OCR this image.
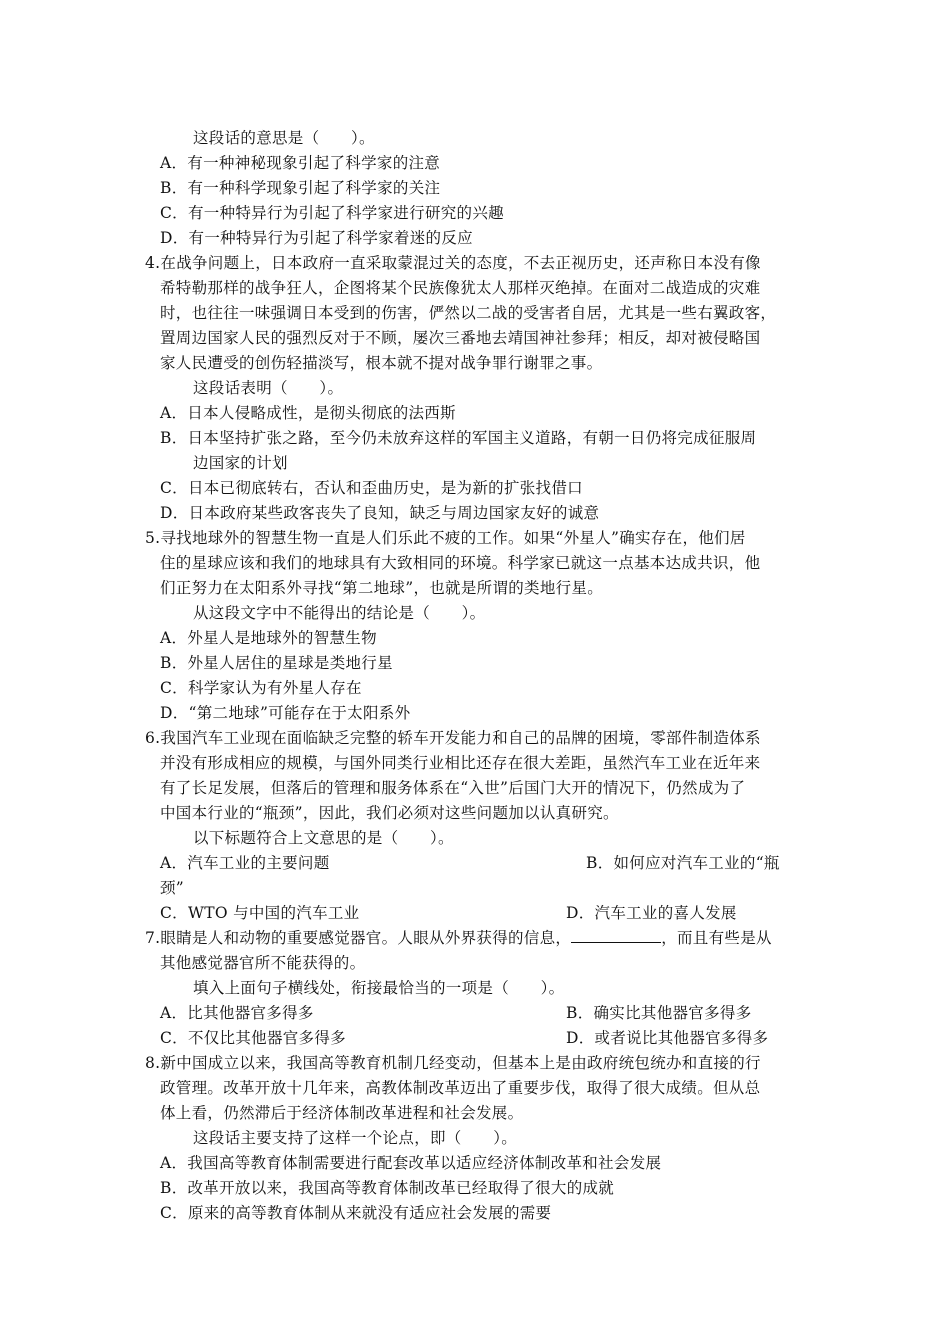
这段话的意思是（　　）。
A．有一种神秘现象引起了科学家的注意
B．有一种科学现象引起了科学家的关注
C．有一种特异行为引起了科学家进行研究的兴趣
D．有一种特异行为引起了科学家着迷的反应
4.在战争问题上，日本政府一直采取蒙混过关的态度，不去正视历史，还声称日本没有像
希特勒那样的战争狂人，企图将某个民族像犹太人那样灭绝掉。在面对二战造成的灾难
时，也往往一味强调日本受到的伤害，俨然以二战的受害者自居，尤其是一些右翼政客，
置周边国家人民的强烈反对于不顾，屡次三番地去靖国神社参拜；相反，却对被侵略国
家人民遭受的创伤轻描淡写，根本就不提对战争罪行谢罪之事。
这段话表明（　　）。
A．日本人侵略成性，是彻头彻底的法西斯
B．日本坚持扩张之路，至今仍未放弃这样的军国主义道路，有朝一日仍将完成征服周
边国家的计划
C．日本已彻底转右，否认和歪曲历史，是为新的扩张找借口
D．日本政府某些政客丧失了良知，缺乏与周边国家友好的诚意
5.寻找地球外的智慧生物一直是人们乐此不疲的工作。如果“外星人”确实存在，他们居
住的星球应该和我们的地球具有大致相同的环境。科学家已就这一点基本达成共识，他
们正努力在太阳系外寻找“第二地球”，也就是所谓的类地行星。
从这段文字中不能得出的结论是（　　）。
A．外星人是地球外的智慧生物
B．外星人居住的星球是类地行星
C．科学家认为有外星人存在
D．“第二地球”可能存在于太阳系外
6.我国汽车工业现在面临缺乏完整的轿车开发能力和自己的品牌的困境，零部件制造体系
并没有形成相应的规模，与国外同类行业相比还存在很大差距，虽然汽车工业在近年来
有了长足发展，但落后的管理和服务体系在“入世”后国门大开的情况下，仍然成为了
中国本行业的“瓶颈”，因此，我们必须对这些问题加以认真研究。
以下标题符合上文意思的是（　　）。
A．汽车工业的主要问题	B．如何应对汽车工业的“瓶
颈”
C．WTO 与中国的汽车工业	D．汽车工业的喜人发展
7.眼睛是人和动物的重要感觉器官。人眼从外界获得的信息，	，而且有些是从
其他感觉器官所不能获得的。
填入上面句子横线处，衔接最恰当的一项是（　　）。
A．比其他器官多得多	B．确实比其他器官多得多
C．不仅比其他器官多得多	D．或者说比其他器官多得多
8.新中国成立以来，我国高等教育机制几经变动，但基本上是由政府统包统办和直接的行
政管理。改革开放十几年来，高教体制改革迈出了重要步伐，取得了很大成绩。但从总
体上看，仍然滞后于经济体制改革进程和社会发展。
这段话主要支持了这样一个论点，即（　　）。
A．我国高等教育体制需要进行配套改革以适应经济体制改革和社会发展
B．改革开放以来，我国高等教育体制改革已经取得了很大的成就
C．原来的高等教育体制从来就没有适应社会发展的需要
